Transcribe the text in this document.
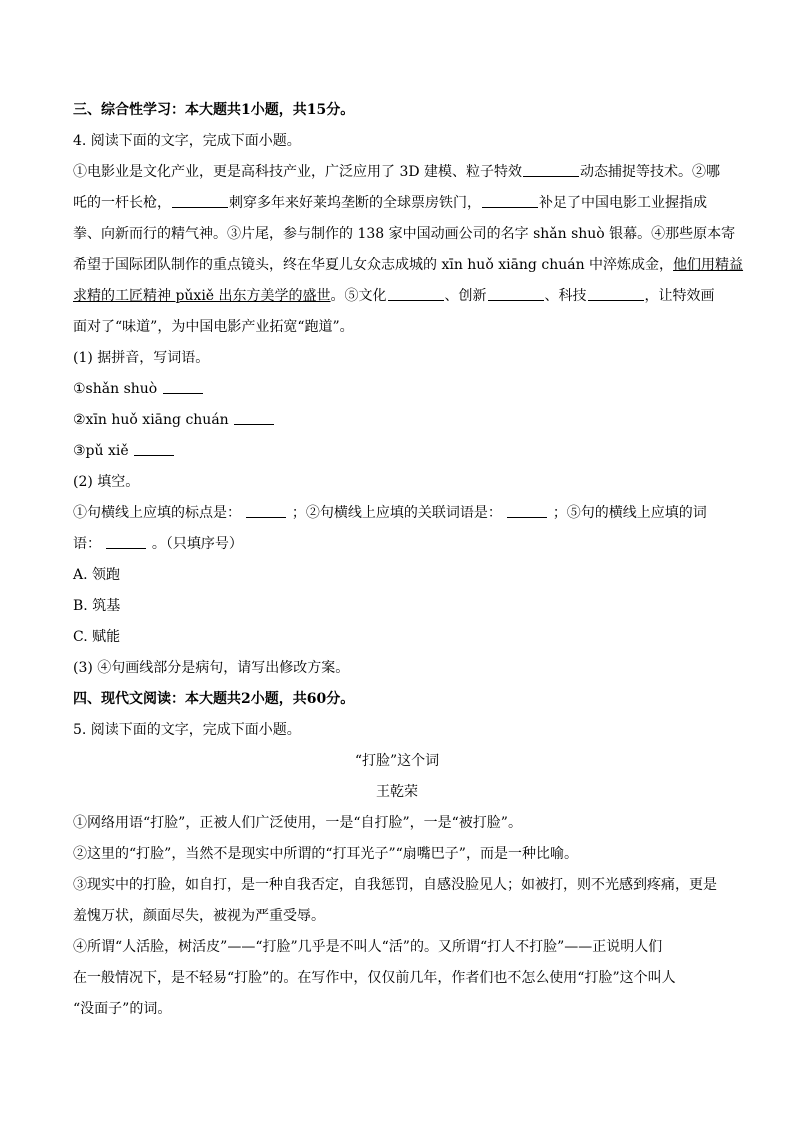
三、综合性学习：本大题共1小题，共15分。
4. 阅读下面的文字，完成下面小题。
①电影业是文化产业，更是高科技产业，广泛应用了 3D 建模、粒子特效	动态捕捉等技术。②哪
吒的一杆长枪，	刺穿多年来好莱坞垄断的全球票房铁门，	补足了中国电影工业握指成
拳、向新而行的精气神。③片尾，参与制作的 138 家中国动画公司的名字 shǎn shuò 银幕。④那些原本寄
希望于国际团队制作的重点镜头，终在华夏儿女众志成城的 xīn huǒ xiāng chuán 中淬炼成金，他们用精益
求精的工匠精神 pǔxiě 出东方美学的盛世。⑤文化	、创新	、科技	，让特效画
面对了“味道”，为中国电影产业拓宽“跑道”。
(1) 据拼音，写词语。
①shǎn shuò
②xīn huǒ xiāng chuán
③pǔ xiě
(2) 填空。
①句横线上应填的标点是：	；②句横线上应填的关联词语是：	；⑤句的横线上应填的词
语：	。（只填序号）
A. 领跑
B. 筑基
C. 赋能
(3) ④句画线部分是病句，请写出修改方案。
四、现代文阅读：本大题共2小题，共60分。
5. 阅读下面的文字，完成下面小题。
“打脸”这个词
王乾荣
①网络用语“打脸”，正被人们广泛使用，一是“自打脸”，一是“被打脸”。
②这里的“打脸”，当然不是现实中所谓的“打耳光子”“扇嘴巴子”，而是一种比喻。
③现实中的打脸，如自打，是一种自我否定，自我惩罚，自感没脸见人；如被打，则不光感到疼痛，更是
羞愧万状，颜面尽失，被视为严重受辱。
④所谓“人活脸，树活皮”——“打脸”几乎是不叫人“活”的。又所谓“打人不打脸”——正说明人们
在一般情况下，是不轻易“打脸”的。在写作中，仅仅前几年，作者们也不怎么使用“打脸”这个叫人
“没面子”的词。
